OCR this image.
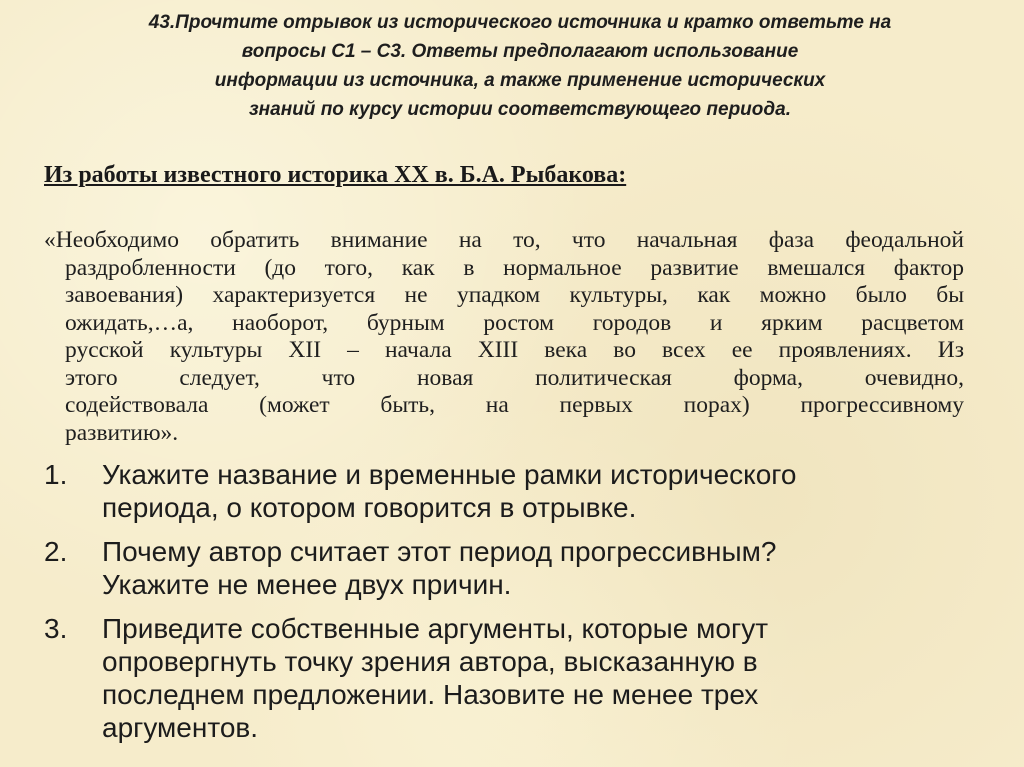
43.Прочтите отрывок из исторического источника и кратко ответьте на
вопросы С1 – С3. Ответы предполагают использование
информации из источника, а также применение исторических
знаний по курсу истории соответствующего периода.
Из работы известного историка XX в. Б.А. Рыбакова:
«Необходимо обратить внимание на то, что начальная фаза феодальной
раздробленности (до того, как в нормальное развитие вмешался фактор
завоевания) характеризуется не упадком культуры, как можно было бы
ожидать,…а, наоборот, бурным ростом городов и ярким расцветом
русской культуры XII – начала XIII века во всех ее проявлениях. Из
этого следует, что новая политическая форма, очевидно,
содействовала (может быть, на первых порах) прогрессивному
развитию».
1. Укажите название и временные рамки исторического
периода, о котором говорится в отрывке.
2. Почему автор считает этот период прогрессивным?
Укажите не менее двух причин.
3. Приведите собственные аргументы, которые могут
опровергнуть точку зрения автора, высказанную в
последнем предложении. Назовите не менее трех
аргументов.
